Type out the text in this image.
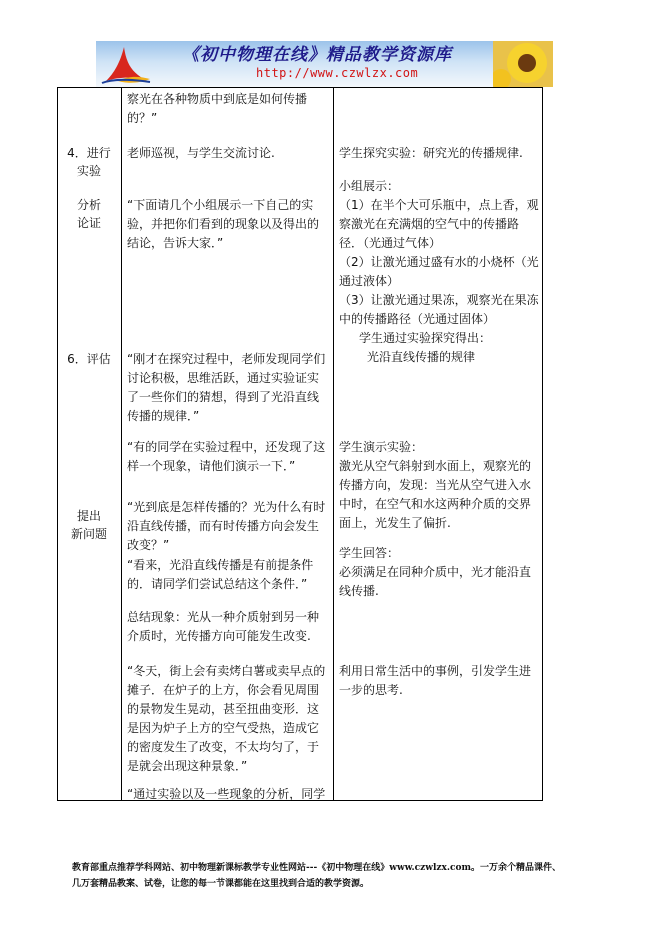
《初中物理在线》精品教学资源库
http://www.czwlzx.com
察光在各种物质中到底是如何传播的？”
4．进行
实验
老师巡视，与学生交流讨论.	学生探究实验：研究光的传播规律.
分析
论证
“下面请几个小组展示一下自己的实验，并把你们看到的现象以及得出的结论，告诉大家．”
小组展示：
（1）在半个大可乐瓶中，点上香，观察激光在充满烟的空气中的传播路径．（光通过气体）
（2）让激光通过盛有水的小烧杯（光通过液体）
（3）让激光通过果冻，观察光在果冻中的传播路径（光通过固体）
学生通过实验探究得出：
光沿直线传播的规律
6．评估	“刚才在探究过程中，老师发现同学们讨论积极，思维活跃，通过实验证实了一些你们的猜想，得到了光沿直线传播的规律．”
“有的同学在实验过程中，还发现了这样一个现象，请他们演示一下．”
学生演示实验：
激光从空气斜射到水面上，观察光的传播方向，发现：当光从空气进入水中时，在空气和水这两种介质的交界面上，光发生了偏折.
提出
新问题
“光到底是怎样传播的？光为什么有时沿直线传播，而有时传播方向会发生改变？”
“看来，光沿直线传播是有前提条件的．请同学们尝试总结这个条件．”
学生回答：
必须满足在同种介质中，光才能沿直线传播.
总结现象：光从一种介质射到另一种介质时，光传播方向可能发生改变.
“冬天，街上会有卖烤白薯或卖早点的摊子．在炉子的上方，你会看见周围的景物发生晃动，甚至扭曲变形．这是因为炉子上方的空气受热，造成它的密度发生了改变，不太均匀了，于是就会出现这种景象．”
利用日常生活中的事例，引发学生进一步的思考.
“通过实验以及一些现象的分析，同学
教育部重点推荐学科网站、初中物理新课标教学专业性网站---《初中物理在线》www.czwlzx.com。一万余个精品课件、
几万套精品教案、试卷，让您的每一节课都能在这里找到合适的教学资源。
